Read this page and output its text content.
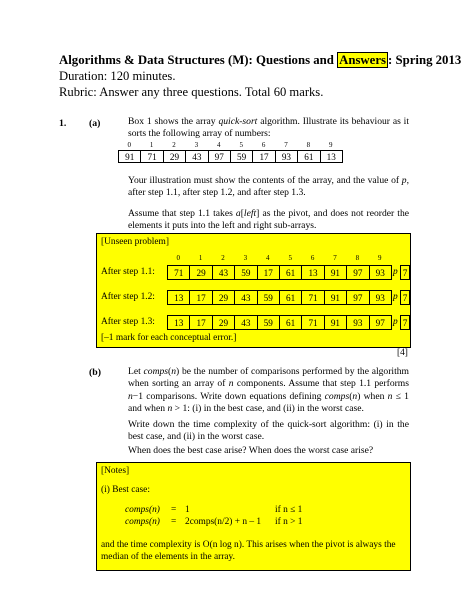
Algorithms & Data Structures (M): Questions and Answers : Spring 2013
Duration: 120 minutes.
Rubric: Answer any three questions. Total 60 marks.
1. (a)	Box 1 shows the array quick-sort algorithm. Illustrate its behaviour as it sorts the following array of numbers:
0	1	2	3	4	5	6	7	8	9
91	71	29	43	97	59	17	93	61	13
Your illustration must show the contents of the array, and the value of p, after step 1.1, after step 1.2, and after step 1.3.
Assume that step 1.1 takes a[left] as the pivot, and does not reorder the elements it puts into the left and right sub-arrays.
[Unseen problem]
0	1	2	3	4	5	6	7	8	9
After step 1.1: 71	29	43	59	17	61	13	91	97	93 p 7
After step 1.2: 13	17	29	43	59	61	71	91	97	93 p 7
After step 1.3: 13	17	29	43	59	61	71	91	93	97 p 7
[–1 mark for each conceptual error.]
[4]
(b)	Let comps(n) be the number of comparisons performed by the algorithm when sorting an array of n components. Assume that step 1.1 performs n−1 comparisons. Write down equations defining comps(n) when n ≤ 1 and when n > 1: (i) in the best case, and (ii) in the worst case.
Write down the time complexity of the quick-sort algorithm: (i) in the best case, and (ii) in the worst case.
When does the best case arise? When does the worst case arise?
[Notes]
(i) Best case:
comps(n) = 1	if n ≤ 1
comps(n) = 2comps(n/2) + n – 1 if n > 1
and the time complexity is O(n log n). This arises when the pivot is always the median of the elements in the array.
